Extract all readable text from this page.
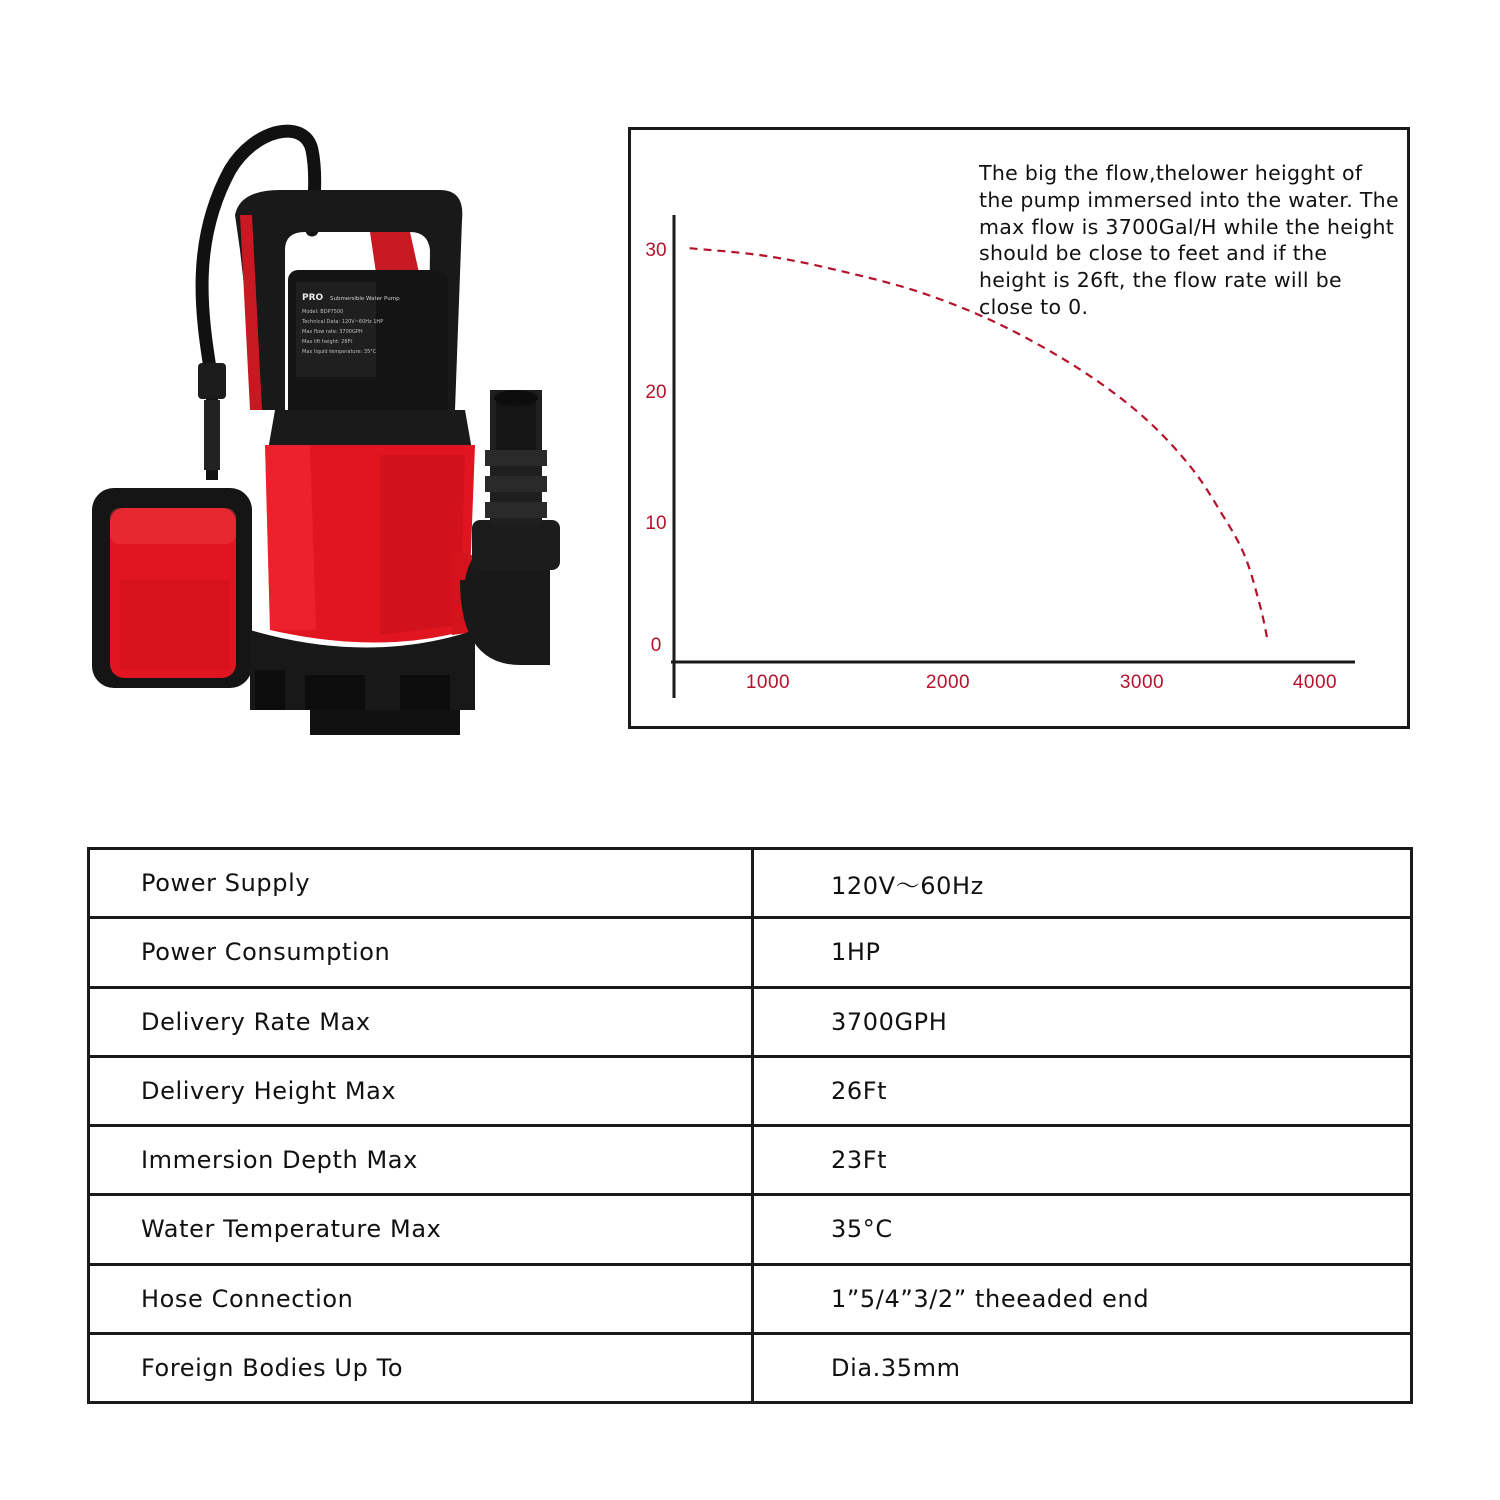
PRO Submersible Water Pump
Model: BDP7500
Technical Data: 120V~60Hz 1HP
Max flow rate: 3700GPH
Max lift height: 26Ft
Max liquid temperature: 35°C
30
20
10
0
1000	2000	3000	4000
The big the flow,thelower heigght of the pump immersed into the water. The max flow is 3700Gal/H while the height should be close to feet and if the height is 26ft, the flow rate will be close to 0.
Power Supply	120V～60Hz
Power Consumption	1HP
Delivery Rate Max	3700GPH
Delivery Height Max	26Ft
Immersion Depth Max	23Ft
Water Temperature Max	35°C
Hose Connection	1”5/4”3/2” theeaded end
Foreign Bodies Up To	Dia.35mm
